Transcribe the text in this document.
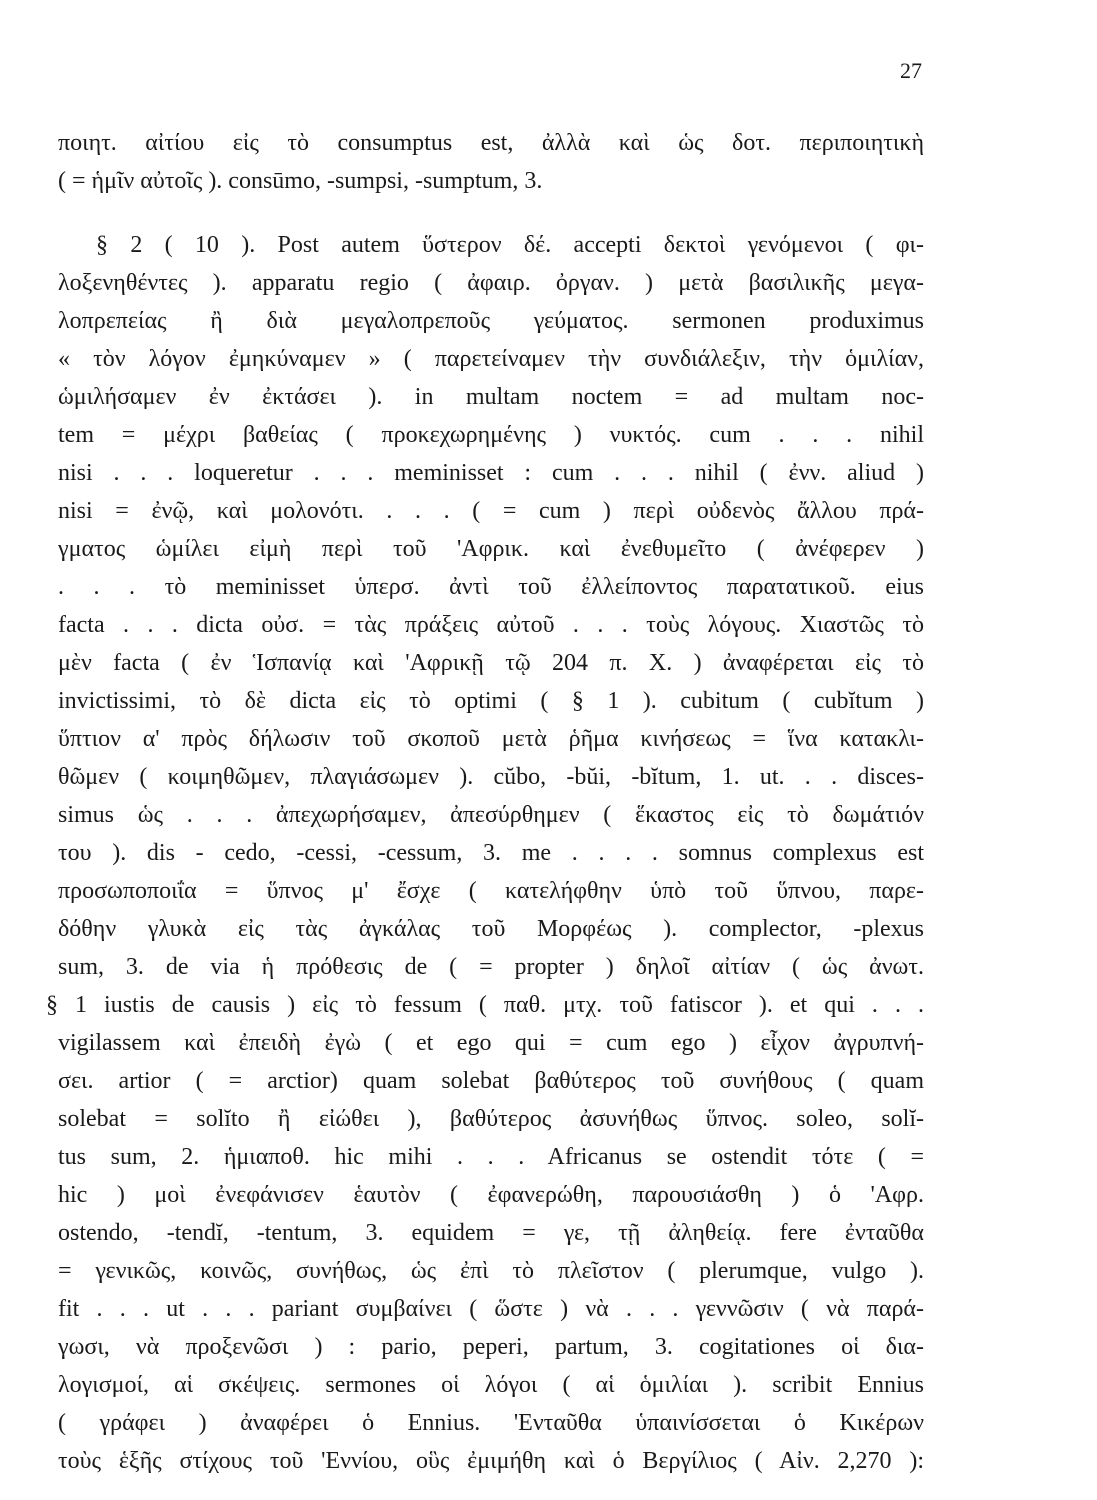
27

ποιητ. αἰτίου εἰς τὸ consumptus est, ἀλλὰ καὶ ὡς δοτ. περιποιητικὴ

( = ἡμῖν αὐτοῖς ). consūmo, -sumpsi, -sumptum, 3.

§ 2 ( 10 ). Post autem ὕστερον δέ. accepti δεκτοὶ γενόμενοι ( φι-

λοξενηθέντες ). apparatu regio ( ἀφαιρ. ὀργαν. ) μετὰ βασιλικῆς μεγα-

λοπρεπείας ἢ διὰ μεγαλοπρεποῦς γεύματος. sermonen produximus

« τὸν λόγον ἐμηκύναμεν » ( παρετείναμεν τὴν συνδιάλεξιν, τὴν ὁμιλίαν,

ὡμιλήσαμεν ἐν ἐκτάσει ). in multam noctem = ad multam noc-

tem = μέχρι βαθείας ( προκεχωρημένης ) νυκτός. cum . . . nihil

nisi . . . loqueretur . . . meminisset : cum . . . nihil ( ἐνν. aliud )

nisi = ἐνῷ, καὶ μολονότι. . . . ( = cum ) περὶ οὐδενὸς ἄλλου πρά-

γματος ὡμίλει εἰμὴ περὶ τοῦ 'Αφρικ. καὶ ἐνεθυμεῖτο ( ἀνέφερεν )

. . . τὸ meminisset ὑπερσ. ἀντὶ τοῦ ἐλλείποντος παρατατικοῦ. eius

facta . . . dicta οὐσ. = τὰς πράξεις αὐτοῦ . . . τοὺς λόγους. Χιαστῶς τὸ

μὲν facta ( ἐν Ἱσπανίᾳ καὶ 'Αφρικῇ τῷ 204 π. Χ. ) ἀναφέρεται εἰς τὸ

invictissimi, τὸ δὲ dicta εἰς τὸ optimi ( § 1 ). cubitum ( cubĭtum )

ὕπτιον α' πρὸς δήλωσιν τοῦ σκοποῦ μετὰ ῥῆμα κινήσεως = ἵνα κατακλι-

θῶμεν ( κοιμηθῶμεν, πλαγιάσωμεν ). cŭbo, -bŭi, -bĭtum, 1. ut. . . disces-

simus ὡς . . . ἀπεχωρήσαμεν, ἀπεσύρθημεν ( ἕκαστος εἰς τὸ δωμάτιόν

του ). dis - cedo, -cessi, -cessum, 3. me . . . . somnus complexus est

προσωποποιΐα = ὕπνος μ' ἔσχε ( κατελήφθην ὑπὸ τοῦ ὕπνου, παρε-

δόθην γλυκὰ εἰς τὰς ἀγκάλας τοῦ Μορφέως ). complector, -plexus

sum, 3. de via ἡ πρόθεσις de ( = propter ) δηλοῖ αἰτίαν ( ὡς ἀνωτ.

§ 1 iustis de causis ) εἰς τὸ fessum ( παθ. μτχ. τοῦ fatiscor ). et qui . . .

vigilassem καὶ ἐπειδὴ ἐγὼ ( et ego qui = cum ego ) εἶχον ἀγρυπνή-

σει. artior ( = arctior) quam solebat βαθύτερος τοῦ συνήθους ( quam

solebat = solĭto ἢ εἰώθει ), βαθύτερος ἀσυνήθως ὕπνος. soleo, solĭ-

tus sum, 2. ἡμιαποθ. hic mihi . . . Africanus se ostendit τότε ( =

hic ) μοὶ ἐνεφάνισεν ἑαυτὸν ( ἐφανερώθη, παρουσιάσθη ) ὁ 'Αφρ.

ostendo, -tendĭ, -tentum, 3. equidem = γε, τῇ ἀληθείᾳ. fere ἐνταῦθα

= γενικῶς, κοινῶς, συνήθως, ὡς ἐπὶ τὸ πλεῖστον ( plerumque, vulgo ).

fit . . . ut . . . pariant συμβαίνει ( ὥστε ) νὰ . . . γεννῶσιν ( νὰ παρά-

γωσι, νὰ προξενῶσι ) : pario, peperi, partum, 3. cogitationes οἱ δια-

λογισμοί, αἱ σκέψεις. sermones οἱ λόγοι ( αἱ ὁμιλίαι ). scribit Ennius

( γράφει ) ἀναφέρει ὁ Ennius. 'Ενταῦθα ὑπαινίσσεται ὁ Κικέρων

τοὺς ἑξῆς στίχους τοῦ 'Εννίου, οὓς ἐμιμήθη καὶ ὁ Βεργίλιος ( Αἰν. 2,270 ):
